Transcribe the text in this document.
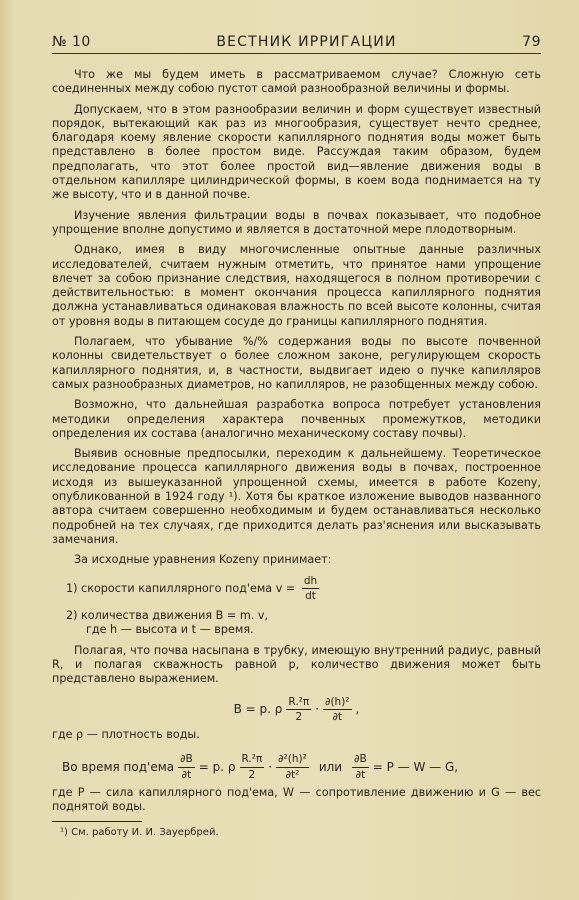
№ 10	ВЕСТНИК ИРРИГАЦИИ	79

Что же мы будем иметь в рассматриваемом случае? Сложную сеть соединенных между собою пустот самой разнообразной величины и формы.

Допускаем, что в этом разнообразии величин и форм существует известный порядок, вытекающий как раз из многообразия, существует нечто среднее, благодаря коему явление скорости капиллярного поднятия воды может быть представлено в более простом виде. Рассуждая таким образом, будем предполагать, что этот более простой вид—явление движения воды в отдельном капилляре цилиндрической формы, в коем вода поднимается на ту же высоту, что и в данной почве.

Изучение явления фильтрации воды в почвах показывает, что подобное упрощение вполне допустимо и является в достаточной мере плодотворным.

Однако, имея в виду многочисленные опытные данные различных исследователей, считаем нужным отметить, что принятое нами упрощение влечет за собою признание следствия, находящегося в полном противоречии с действительностью: в момент окончания процесса капиллярного поднятия должна устанавливаться одинаковая влажность по всей высоте колонны, считая от уровня воды в питающем сосуде до границы капиллярного поднятия.

Полагаем, что убывание %/% содержания воды по высоте почвенной колонны свидетельствует о более сложном законе, регулирующем скорость капиллярного поднятия, и, в частности, выдвигает идею о пучке капилляров самых разнообразных диаметров, но капилляров, не разобщенных между собою.

Возможно, что дальнейшая разработка вопроса потребует установления методики определения характера почвенных промежутков, методики определения их состава (аналогично механическому составу почвы).

Выявив основные предпосылки, переходим к дальнейшему. Теоретическое исследование процесса капиллярного движения воды в почвах, построенное исходя из вышеуказанной упрощенной схемы, имеется в работе Kozeny, опубликованной в 1924 году ¹). Хотя бы краткое изложение выводов названного автора считаем совершенно необходимым и будем останавливаться несколько подробней на тех случаях, где приходится делать раз'яснения или высказывать замечания.

За исходные уравнения Kozeny принимает:

1) скорости капиллярного под'ема $v = \frac{dh}{dt}$
2) количества движения B = m. v,
где h — высота и t — время.

Полагая, что почва насыпана в трубку, имеющую внутренний радиус, равный R, и полагая скважность равной p, количество движения может быть представлено выражением.

B = p. ρ $\frac{\text{R.²π}}{2} \cdot \frac{\text{∂(h)²}}{\partial t}$ ,
где ρ — плотность воды.
Во время $под'ема \frac{\partial B}{\partial t} = p$. ρ $\frac{\text{R.²π}}{2} \cdot \frac{\text{∂²(h)²}}{\text{∂t²}}$ или $\frac{\partial B}{\partial t} = P$ — W — G,

где P — сила капиллярного под'ема, W — сопротивление движению и G — вес поднятой воды.

¹) См. работу И. И. Зауербрей.
